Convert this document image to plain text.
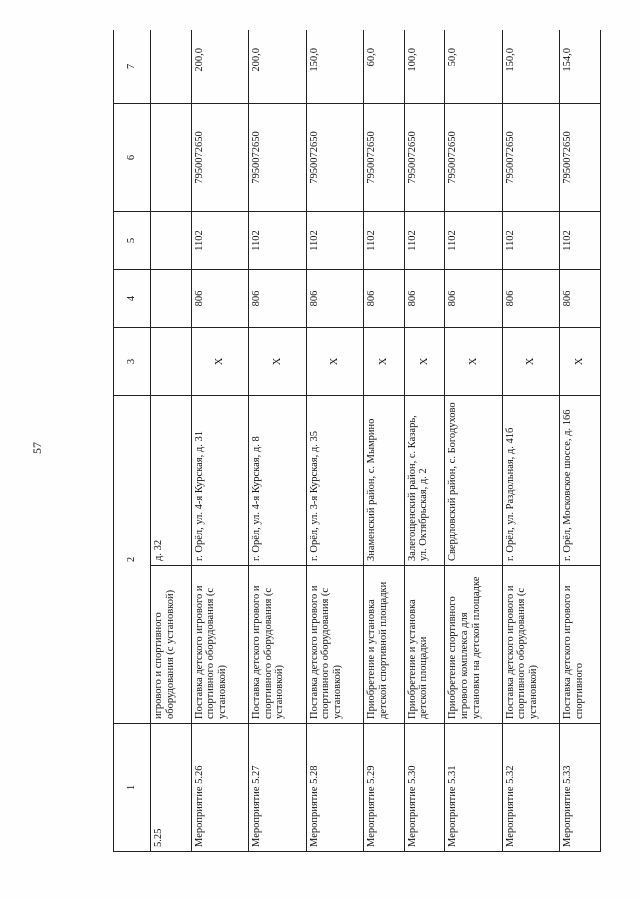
57
1	2		3	4	5	6	7
5.25	игрового и спортивного оборудования (с установкой)	д. 32					
Мероприятие 5.26	Поставка детского игрового и спортивного оборудования (с установкой)	г. Орёл, ул. 4-я Курская, д. 31	X	806	1102	7950072650	200,0
Мероприятие 5.27	Поставка детского игрового и спортивного оборудования (с установкой)	г. Орёл, ул. 4-я Курская, д. 8	X	806	1102	7950072650	200,0
Мероприятие 5.28	Поставка детского игрового и спортивного оборудования (с установкой)	г. Орёл, ул. 3-я Курская, д. 35	X	806	1102	7950072650	150,0
Мероприятие 5.29	Приобретение и установка детской спортивной площадки	Знаменский район, с. Мымрино	X	806	1102	7950072650	60,0
Мероприятие 5.30	Приобретение и установка детской площадки	Залегощенский район, с. Казарь, ул. Октябрьская, д. 2	X	806	1102	7950072650	100,0
Мероприятие 5.31	Приобретение спортивного игрового комплекса для установки на детской площадке	Свердловский район, с. Богодухово	X	806	1102	7950072650	50,0
Мероприятие 5.32	Поставка детского игрового и спортивного оборудования (с установкой)	г. Орёл, ул. Раздольная, д. 41б	X	806	1102	7950072650	150,0
Мероприятие 5.33	Поставка детского игрового и спортивного	г. Орёл, Московское шоссе, д. 166	X	806	1102	7950072650	154,0
